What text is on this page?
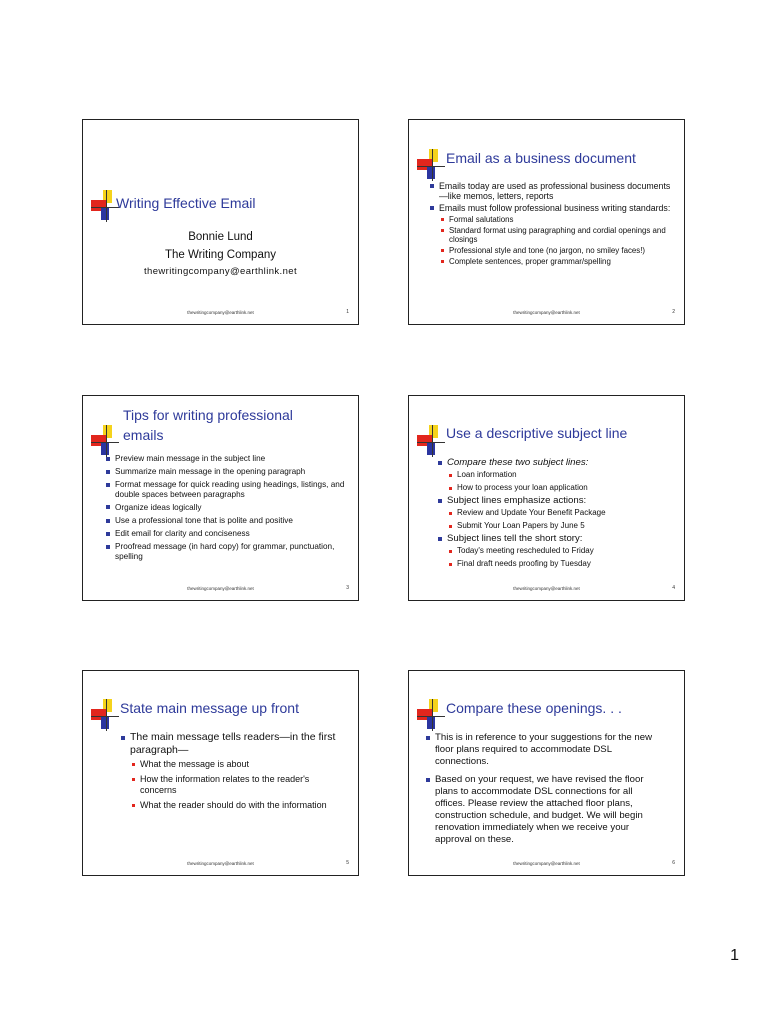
Writing Effective Email
Bonnie Lund
The Writing Company
thewritingcompany@earthlink.net
thewritingcompany@earthlink.net	1
Email as a business document
Emails today are used as professional business documents—like memos, letters, reports
Emails must follow professional business writing standards:
Formal salutations
Standard format using paragraphing and cordial openings and closings
Professional style and tone (no jargon, no smiley faces!)
Complete sentences, proper grammar/spelling
thewritingcompany@earthlink.net	2
Tips for writing professional
emails
Preview main message in the subject line
Summarize main message in the opening paragraph
Format message for quick reading using headings, listings, and double spaces between paragraphs
Organize ideas logically
Use a professional tone that is polite and positive
Edit email for clarity and conciseness
Proofread message (in hard copy) for grammar, punctuation, spelling
thewritingcompany@earthlink.net	3
Use a descriptive subject line
Compare these two subject lines:
Loan information
How to process your loan application
Subject lines emphasize actions:
Review and Update Your Benefit Package
Submit Your Loan Papers by June 5
Subject lines tell the short story:
Today's meeting rescheduled to Friday
Final draft needs proofing by Tuesday
thewritingcompany@earthlink.net	4
State main message up front
The main message tells readers—in the first paragraph—
What the message is about
How the information relates to the reader's concerns
What the reader should do with the information
thewritingcompany@earthlink.net	5
Compare these openings. . .
This is in reference to your suggestions for the new floor plans required to accommodate DSL connections.
Based on your request, we have revised the floor plans to accommodate DSL connections for all offices. Please review the attached floor plans, construction schedule, and budget. We will begin renovation immediately when we receive your approval on these.
thewritingcompany@earthlink.net	6
1
